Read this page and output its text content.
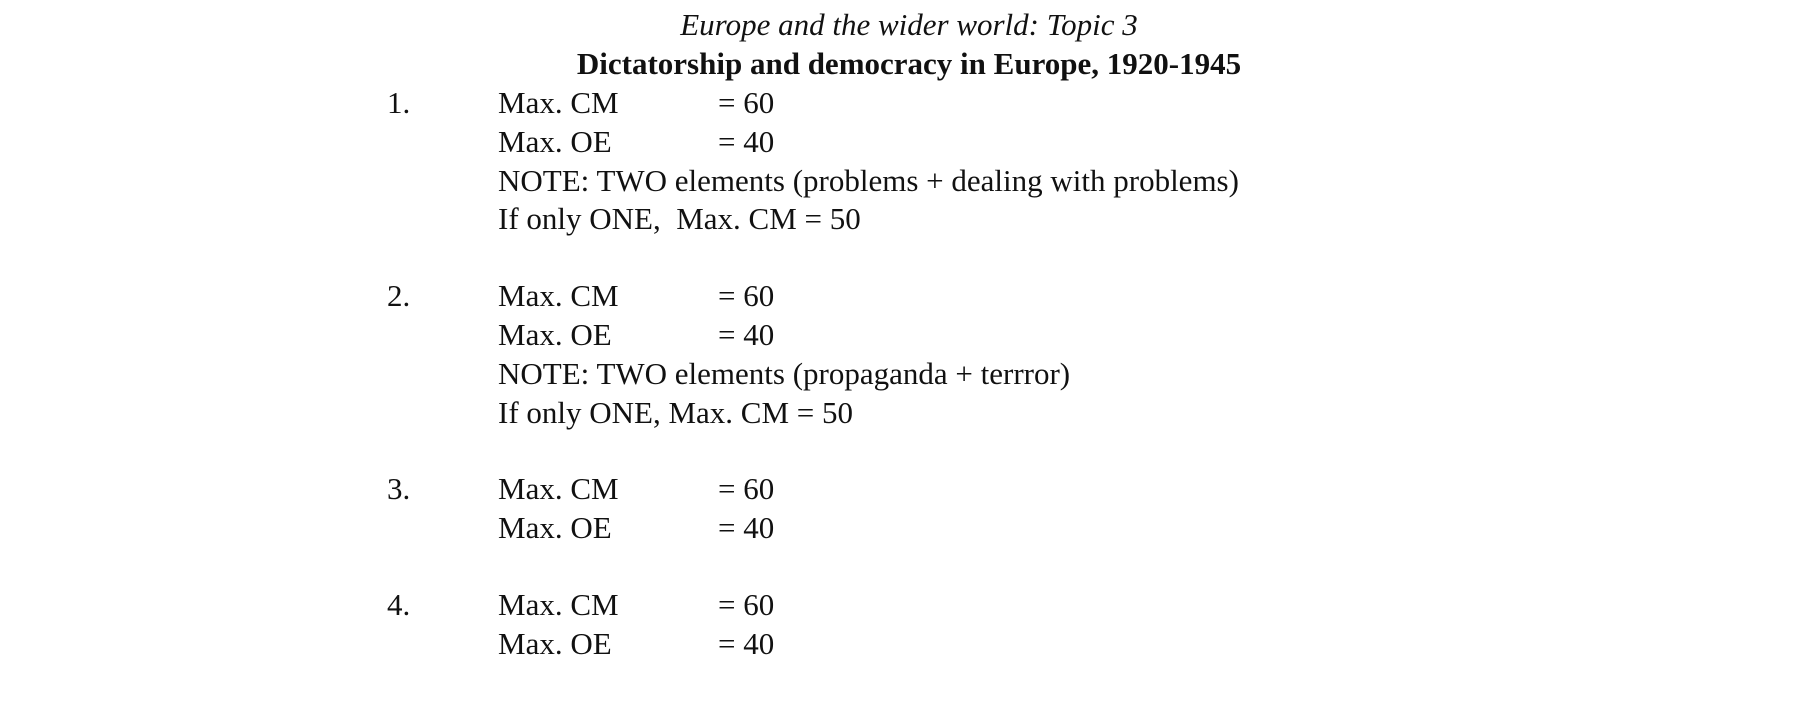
Europe and the wider world: Topic 3
Dictatorship and democracy in Europe, 1920-1945
1.	Max. CM	= 60
Max. OE	= 40
NOTE: TWO elements (problems + dealing with problems)
If only ONE,  Max. CM = 50
2.	Max. CM	= 60
Max. OE	= 40
NOTE: TWO elements (propaganda + terrror)
If only ONE, Max. CM = 50
3.	Max. CM	= 60
Max. OE	= 40
4.	Max. CM	= 60
Max. OE	= 40
